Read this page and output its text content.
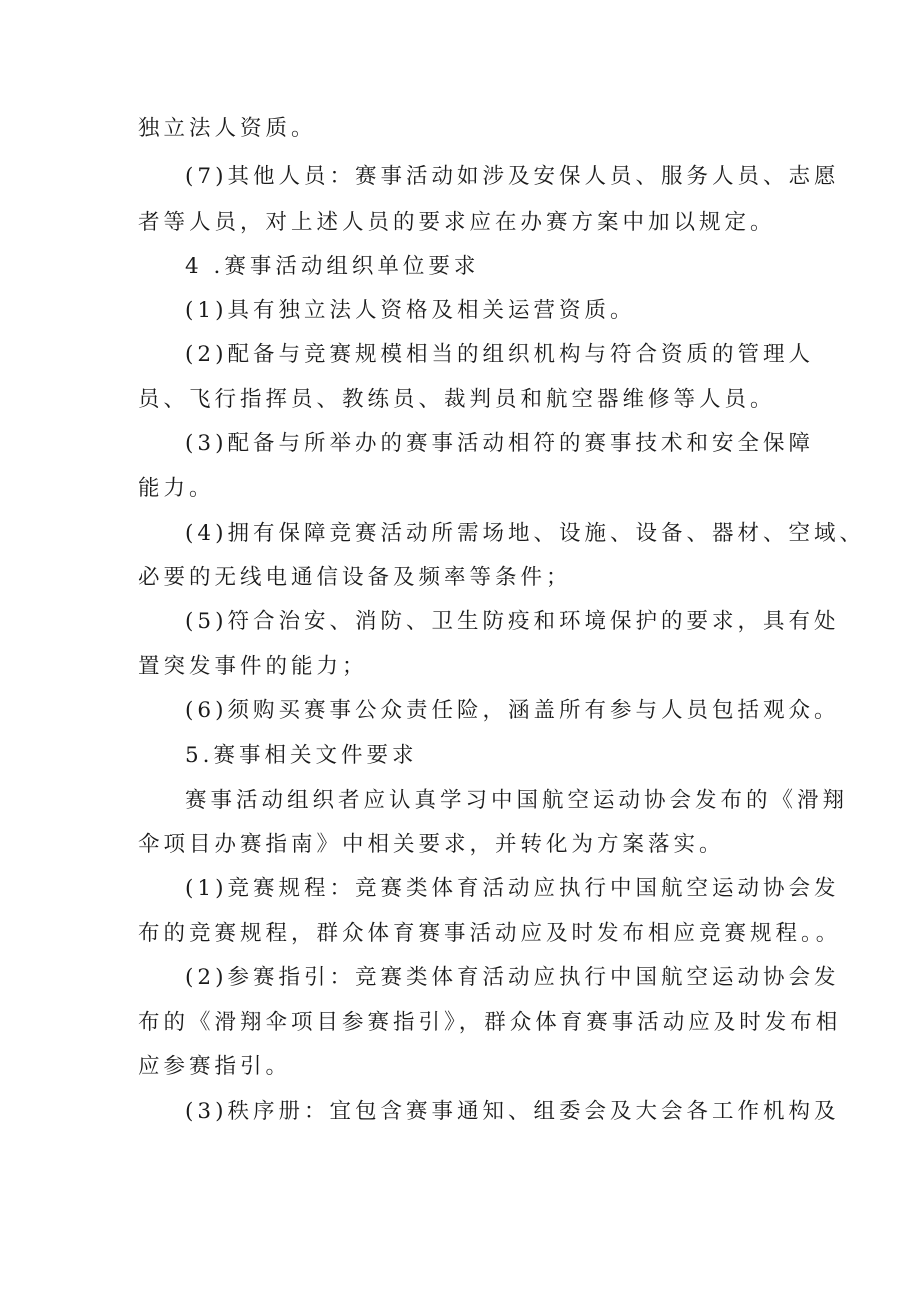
独立法人资质。
(7)其他人员：赛事活动如涉及安保人员、服务人员、志愿
者等人员，对上述人员的要求应在办赛方案中加以规定。
4 .赛事活动组织单位要求
(1)具有独立法人资格及相关运营资质。
(2)配备与竞赛规模相当的组织机构与符合资质的管理人
员、飞行指挥员、教练员、裁判员和航空器维修等人员。
(3)配备与所举办的赛事活动相符的赛事技术和安全保障
能力。
(4)拥有保障竞赛活动所需场地、设施、设备、器材、空域、
必要的无线电通信设备及频率等条件；
(5)符合治安、消防、卫生防疫和环境保护的要求，具有处
置突发事件的能力；
(6)须购买赛事公众责任险，涵盖所有参与人员包括观众。
5.赛事相关文件要求
赛事活动组织者应认真学习中国航空运动协会发布的《滑翔
伞项目办赛指南》中相关要求，并转化为方案落实。
(1)竞赛规程：竞赛类体育活动应执行中国航空运动协会发
布的竞赛规程，群众体育赛事活动应及时发布相应竞赛规程。。
(2)参赛指引：竞赛类体育活动应执行中国航空运动协会发
布的《滑翔伞项目参赛指引》，群众体育赛事活动应及时发布相
应参赛指引。
(3)秩序册：宜包含赛事通知、组委会及大会各工作机构及
